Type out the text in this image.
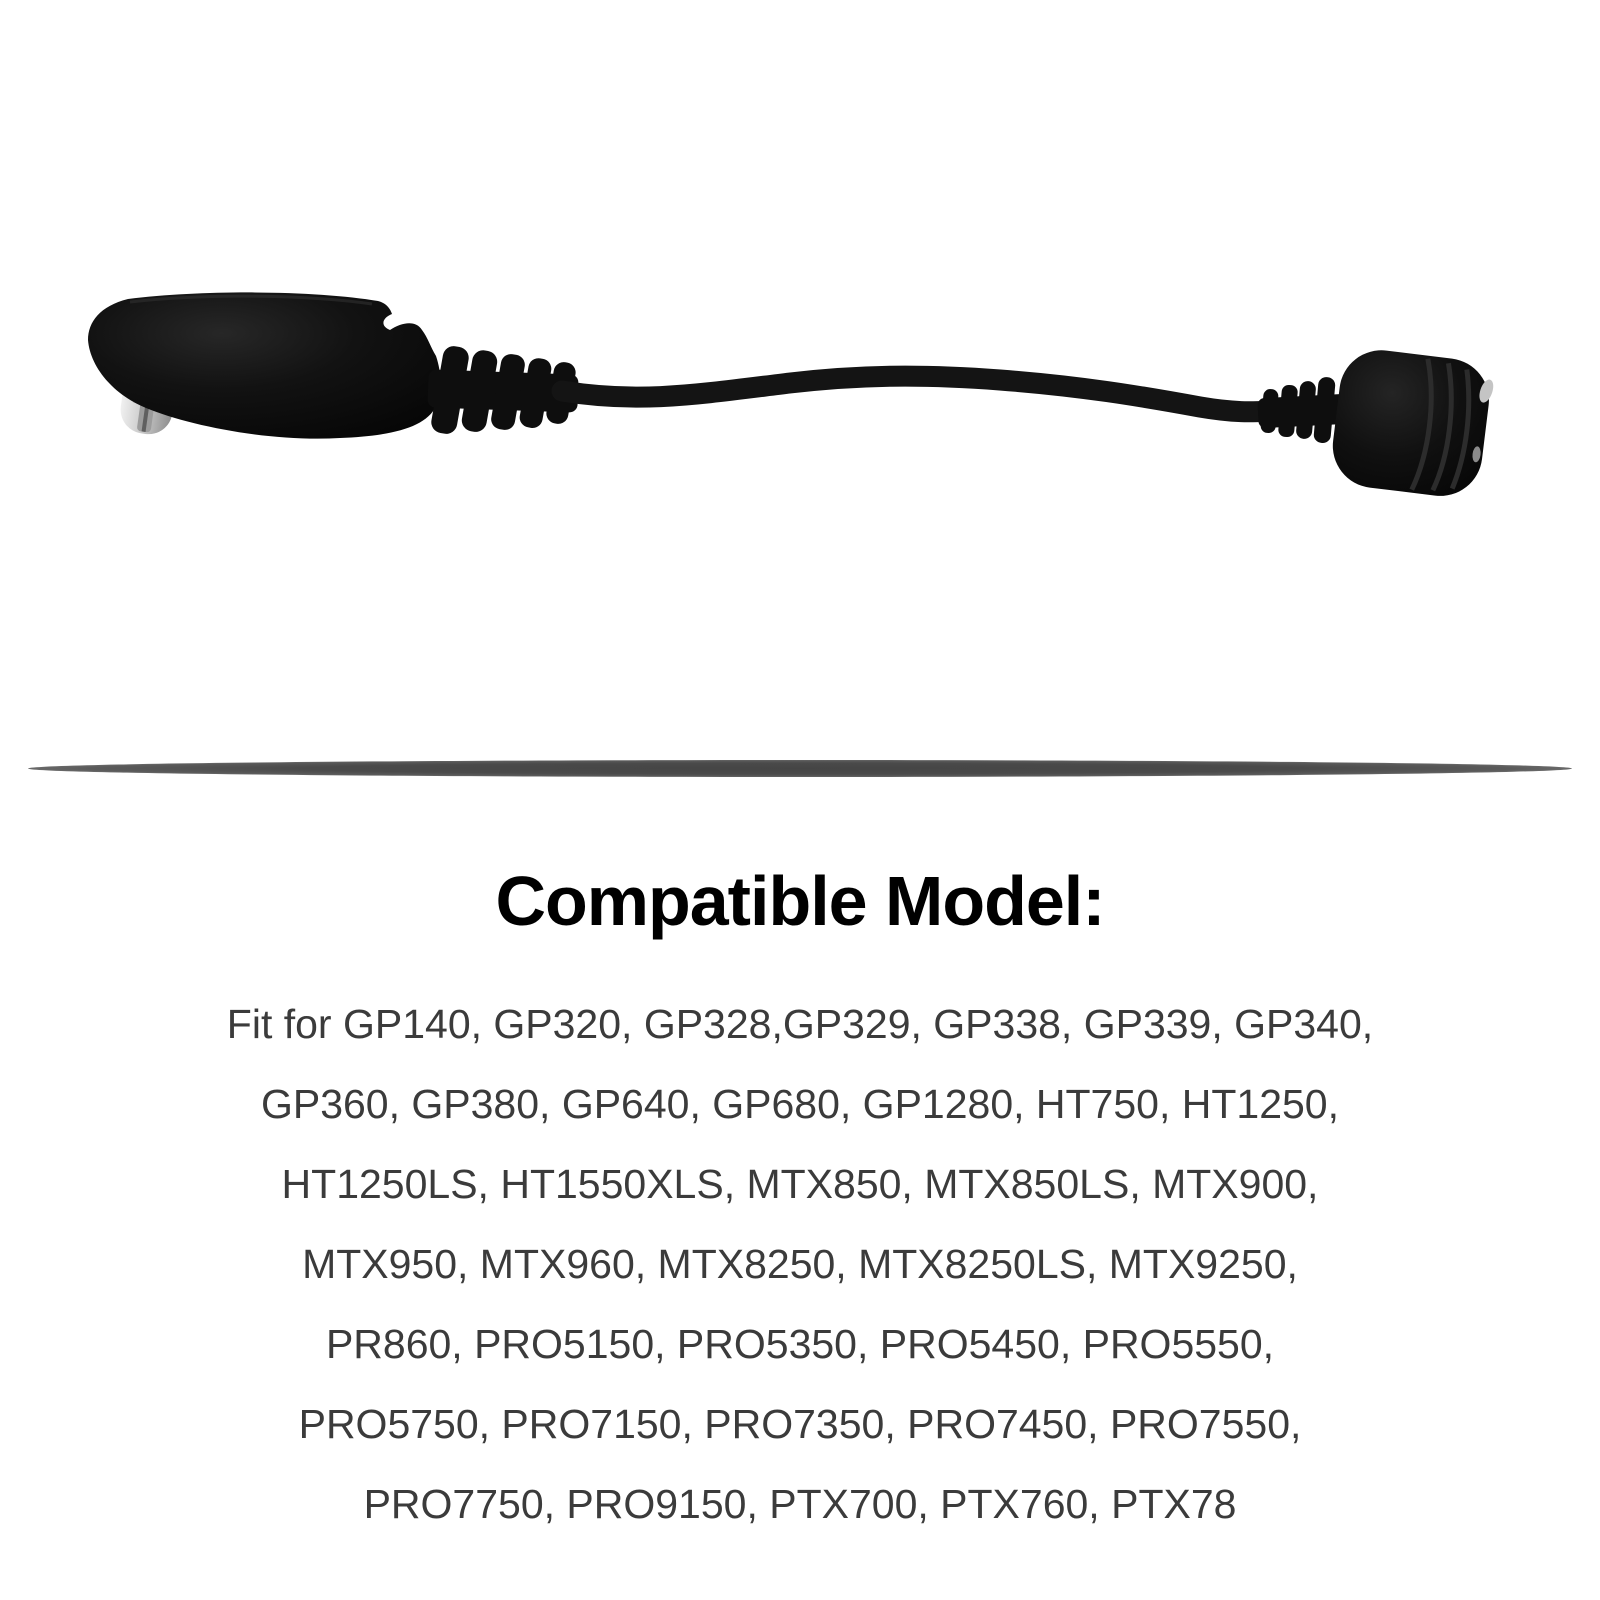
Compatible Model:

Fit for GP140, GP320, GP328,GP329, GP338, GP339, GP340,

GP360, GP380, GP640, GP680, GP1280, HT750, HT1250,

HT1250LS, HT1550XLS, MTX850, MTX850LS, MTX900,

MTX950, MTX960, MTX8250, MTX8250LS, MTX9250,

PR860, PRO5150, PRO5350, PRO5450, PRO5550,

PRO5750, PRO7150, PRO7350, PRO7450, PRO7550,

PRO7750, PRO9150, PTX700, PTX760, PTX78
